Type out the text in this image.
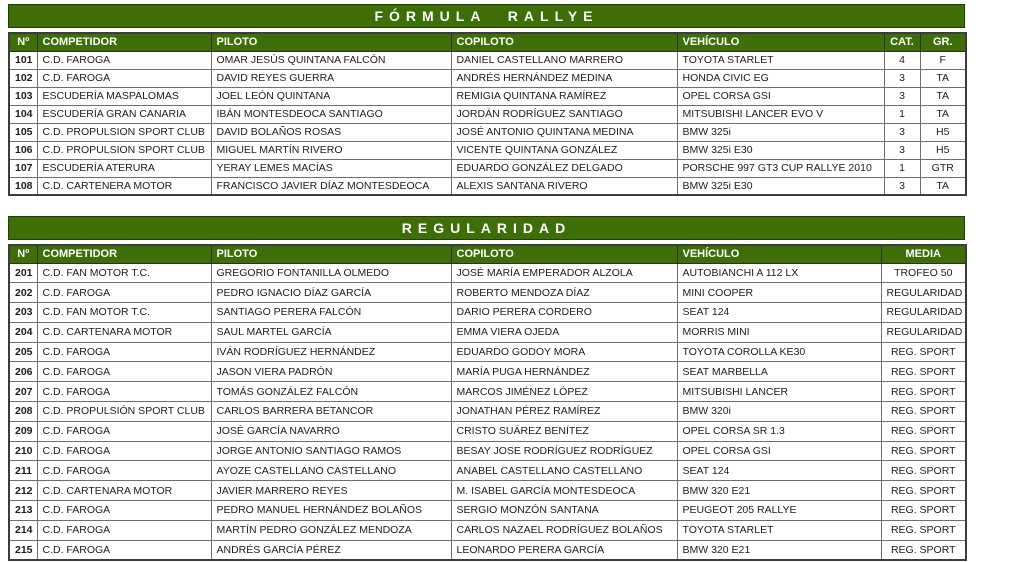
FÓRMULA RALLYE
Nº	COMPETIDOR	PILOTO	COPILOTO	VEHÍCULO	CAT.	GR.
101	C.D. FAROGA	OMAR JESÚS QUINTANA FALCÓN	DANIEL CASTELLANO MARRERO	TOYOTA STARLET	4	F
102	C.D. FAROGA	DAVID REYES GUERRA	ANDRÉS HERNÁNDEZ MEDINA	HONDA CIVIC EG	3	TA
103	ESCUDERÍA MASPALOMAS	JOEL LEÓN QUINTANA	REMIGIA QUINTANA RAMÍREZ	OPEL CORSA GSI	3	TA
104	ESCUDERÍA GRAN CANARIA	IBÁN MONTESDEOCA SANTIAGO	JORDÁN RODRÍGUEZ SANTIAGO	MITSUBISHI LANCER EVO V	1	TA
105	C.D. PROPULSION SPORT CLUB	DAVID BOLAÑOS ROSAS	JOSÉ ANTONIO QUINTANA MEDINA	BMW 325i	3	H5
106	C.D. PROPULSION SPORT CLUB	MIGUEL MARTÍN RIVERO	VICENTE QUINTANA GONZÁLEZ	BMW 325i E30	3	H5
107	ESCUDERÍA ATERURA	YERAY LEMES MACÍAS	EDUARDO GONZÁLEZ DELGADO	PORSCHE 997 GT3 CUP RALLYE 2010	1	GTR
108	C.D. CARTENERA MOTOR	FRANCISCO JAVIER DÍAZ MONTESDEOCA	ALEXIS SANTANA RIVERO	BMW 325i E30	3	TA
REGULARIDAD
Nº	COMPETIDOR	PILOTO	COPILOTO	VEHÍCULO	MEDIA
201	C.D. FAN MOTOR T.C.	GREGORIO FONTANILLA OLMEDO	JOSÉ MARÍA EMPERADOR ALZOLA	AUTOBIANCHI A 112 LX	TROFEO 50
202	C.D. FAROGA	PEDRO IGNACIO DÍAZ GARCÍA	ROBERTO MENDOZA DÍAZ	MINI COOPER	REGULARIDAD
203	C.D. FAN MOTOR T.C.	SANTIAGO PERERA FALCÓN	DARIO PERERA CORDERO	SEAT 124	REGULARIDAD
204	C.D. CARTENARA MOTOR	SAUL MARTEL GARCÍA	EMMA VIERA OJEDA	MORRIS MINI	REGULARIDAD
205	C.D. FAROGA	IVÁN RODRÍGUEZ HERNÁNDEZ	EDUARDO GODOY MORA	TOYOTA COROLLA KE30	REG. SPORT
206	C.D. FAROGA	JASON VIERA PADRÓN	MARÍA PUGA HERNÁNDEZ	SEAT MARBELLA	REG. SPORT
207	C.D. FAROGA	TOMÁS GONZÁLEZ FALCÓN	MARCOS JIMÉNEZ LÓPEZ	MITSUBISHI LANCER	REG. SPORT
208	C.D. PROPULSIÓN SPORT CLUB	CARLOS BARRERA BETANCOR	JONATHAN PÉREZ RAMÍREZ	BMW 320i	REG. SPORT
209	C.D. FAROGA	JOSÉ GARCÍA NAVARRO	CRISTO SUÁREZ BENÍTEZ	OPEL CORSA SR 1.3	REG. SPORT
210	C.D. FAROGA	JORGE ANTONIO SANTIAGO RAMOS	BESAY JOSE RODRÍGUEZ RODRÍGUEZ	OPEL CORSA GSI	REG. SPORT
211	C.D. FAROGA	AYOZE CASTELLANO CASTELLANO	ANABEL CASTELLANO CASTELLANO	SEAT 124	REG. SPORT
212	C.D. CARTENARA MOTOR	JAVIER MARRERO REYES	M. ISABEL GARCÍA MONTESDEOCA	BMW 320 E21	REG. SPORT
213	C.D. FAROGA	PEDRO MANUEL HERNÁNDEZ BOLAÑOS	SERGIO MONZÓN SANTANA	PEUGEOT 205 RALLYE	REG. SPORT
214	C.D. FAROGA	MARTÍN PEDRO GONZÁLEZ MENDOZA	CARLOS NAZAEL RODRÍGUEZ BOLAÑOS	TOYOTA STARLET	REG. SPORT
215	C.D. FAROGA	ANDRÉS GARCÍA PÉREZ	LEONARDO PERERA GARCÍA	BMW 320 E21	REG. SPORT
